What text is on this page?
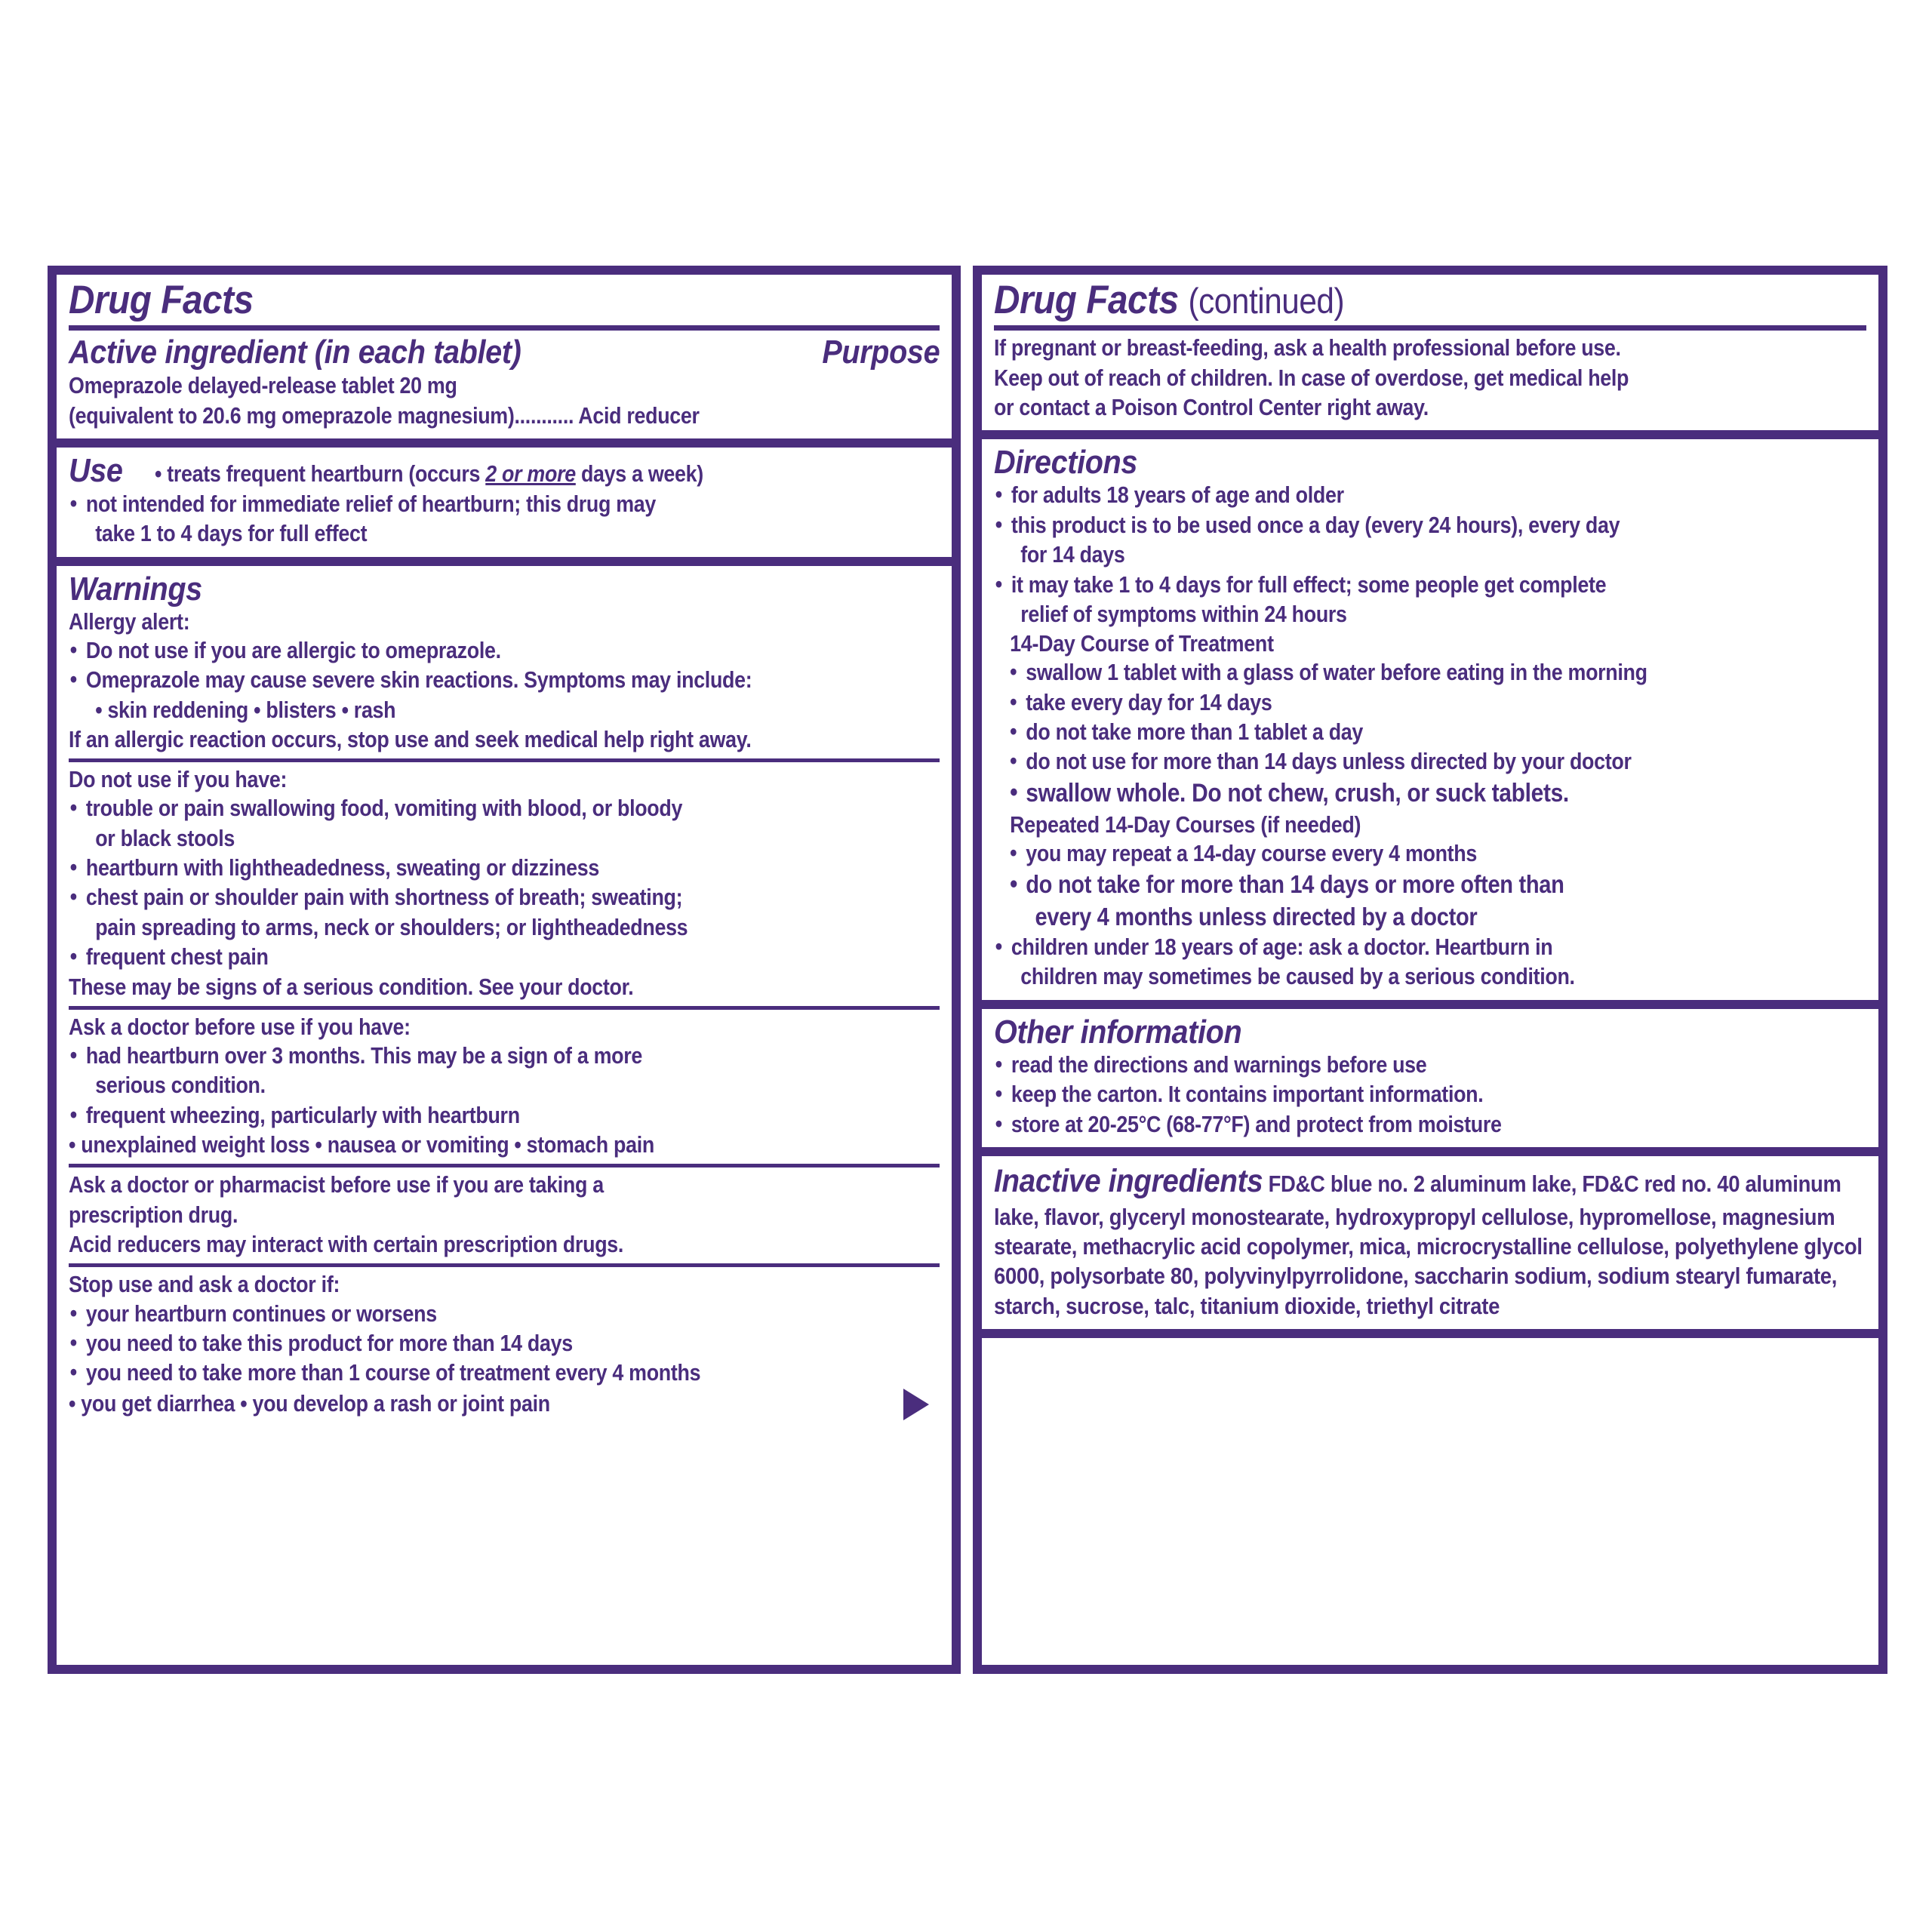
Drug Facts
Active ingredient (in each tablet)	Purpose
Omeprazole delayed-release tablet 20 mg
(equivalent to 20.6 mg omeprazole magnesium)........... Acid reducer
Use • treats frequent heartburn (occurs 2 or more days a week)
• not intended for immediate relief of heartburn; this drug may
take 1 to 4 days for full effect
Warnings
Allergy alert:
• Do not use if you are allergic to omeprazole.
• Omeprazole may cause severe skin reactions. Symptoms may include:
• skin reddening • blisters • rash
If an allergic reaction occurs, stop use and seek medical help right away.
Do not use if you have:
• trouble or pain swallowing food, vomiting with blood, or bloody
or black stools
• heartburn with lightheadedness, sweating or dizziness
• chest pain or shoulder pain with shortness of breath; sweating;
pain spreading to arms, neck or shoulders; or lightheadedness
• frequent chest pain
These may be signs of a serious condition. See your doctor.
Ask a doctor before use if you have:
• had heartburn over 3 months. This may be a sign of a more
serious condition.
• frequent wheezing, particularly with heartburn
• unexplained weight loss • nausea or vomiting • stomach pain
Ask a doctor or pharmacist before use if you are taking a
prescription drug.
Acid reducers may interact with certain prescription drugs.
Stop use and ask a doctor if:
• your heartburn continues or worsens
• you need to take this product for more than 14 days
• you need to take more than 1 course of treatment every 4 months
• you get diarrhea • you develop a rash or joint pain
Drug Facts (continued)
If pregnant or breast-feeding, ask a health professional before use.
Keep out of reach of children. In case of overdose, get medical help
or contact a Poison Control Center right away.
Directions
• for adults 18 years of age and older
• this product is to be used once a day (every 24 hours), every day
for 14 days
• it may take 1 to 4 days for full effect; some people get complete
relief of symptoms within 24 hours
14-Day Course of Treatment
• swallow 1 tablet with a glass of water before eating in the morning
• take every day for 14 days
• do not take more than 1 tablet a day
• do not use for more than 14 days unless directed by your doctor
• swallow whole. Do not chew, crush, or suck tablets.
Repeated 14-Day Courses (if needed)
• you may repeat a 14-day course every 4 months
• do not take for more than 14 days or more often than
every 4 months unless directed by a doctor
• children under 18 years of age: ask a doctor. Heartburn in
children may sometimes be caused by a serious condition.
Other information
• read the directions and warnings before use
• keep the carton. It contains important information.
• store at 20-25°C (68-77°F) and protect from moisture
Inactive ingredients FD&C blue no. 2 aluminum lake, FD&C red no. 40 aluminum lake, flavor, glyceryl monostearate, hydroxypropyl cellulose, hypromellose, magnesium stearate, methacrylic acid copolymer, mica, microcrystalline cellulose, polyethylene glycol 6000, polysorbate 80, polyvinylpyrrolidone, saccharin sodium, sodium stearyl fumarate, starch, sucrose, talc, titanium dioxide, triethyl citrate
